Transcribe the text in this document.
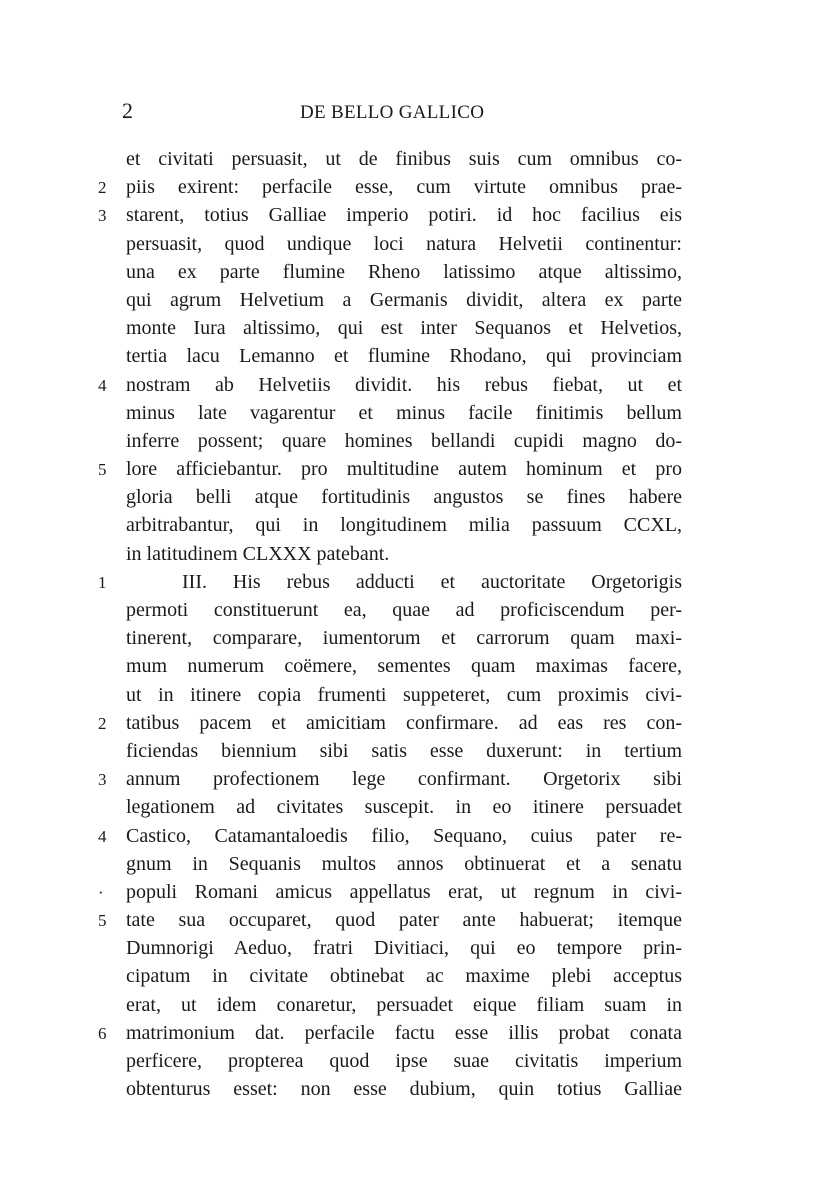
2	DE BELLO GALLICO
et civitati persuasit, ut de finibus suis cum omnibus co-
2 piis exirent: perfacile esse, cum virtute omnibus prae-
3 starent, totius Galliae imperio potiri. id hoc facilius eis
persuasit, quod undique loci natura Helvetii continentur:
una ex parte flumine Rheno latissimo atque altissimo,
qui agrum Helvetium a Germanis dividit, altera ex parte
monte Iura altissimo, qui est inter Sequanos et Helvetios,
tertia lacu Lemanno et flumine Rhodano, qui provinciam
4 nostram ab Helvetiis dividit. his rebus fiebat, ut et
minus late vagarentur et minus facile finitimis bellum
inferre possent; quare homines bellandi cupidi magno do-
5 lore afficiebantur. pro multitudine autem hominum et pro
gloria belli atque fortitudinis angustos se fines habere
arbitrabantur, qui in longitudinem milia passuum CCXL,
in latitudinem CLXXX patebant.
1	III. His rebus adducti et auctoritate Orgetorigis
permoti constituerunt ea, quae ad proficiscendum per-
tinerent, comparare, iumentorum et carrorum quam maxi-
mum numerum coëmere, sementes quam maximas facere,
ut in itinere copia frumenti suppeteret, cum proximis civi-
2 tatibus pacem et amicitiam confirmare. ad eas res con-
ficiendas biennium sibi satis esse duxerunt: in tertium
3 annum profectionem lege confirmant. Orgetorix sibi
legationem ad civitates suscepit. in eo itinere persuadet
4 Castico, Catamantaloedis filio, Sequano, cuius pater re-
gnum in Sequanis multos annos obtinuerat et a senatu
·	populi Romani amicus appellatus erat, ut regnum in civi-
5 tate sua occuparet, quod pater ante habuerat; itemque
Dumnorigi Aeduo, fratri Divitiaci, qui eo tempore prin-
cipatum in civitate obtinebat ac maxime plebi acceptus
erat, ut idem conaretur, persuadet eique filiam suam in
6 matrimonium dat. perfacile factu esse illis probat conata
perficere, propterea quod ipse suae civitatis imperium
obtenturus esset: non esse dubium, quin totius Galliae
